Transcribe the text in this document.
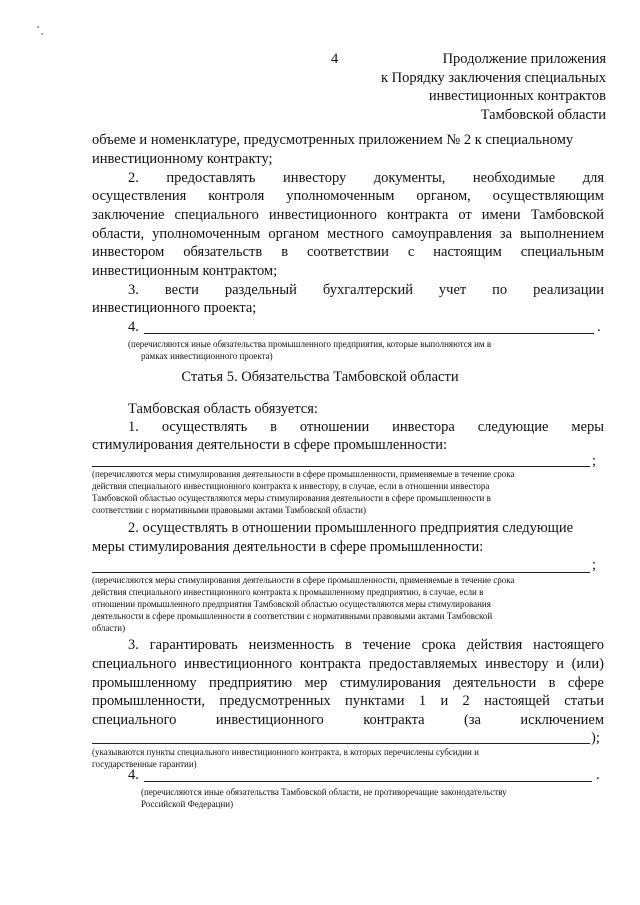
4	Продолжение приложения
к Порядку заключения специальных
инвестиционных контрактов
Тамбовской области
объеме и номенклатуре, предусмотренных приложением № 2 к специальному
инвестиционному контракту;
2. предоставлять инвестору документы, необходимые для
осуществления контроля уполномоченным органом, осуществляющим
заключение специального инвестиционного контракта от имени Тамбовской
области, уполномоченным органом местного самоуправления за выполнением
инвестором обязательств в соответствии с настоящим специальным
инвестиционным контрактом;
3. вести раздельный бухгалтерский учет по реализации
инвестиционного проекта;
4.	.
(перечисляются иные обязательства промышленного предприятия, которые выполняются им в
рамках инвестиционного проекта)
Статья 5. Обязательства Тамбовской области
Тамбовская область обязуется:
1. осуществлять в отношении инвестора следующие меры
стимулирования деятельности в сфере промышленности:
;
(перечисляются меры стимулирования деятельности в сфере промышленности, применяемые в течение срока
действия специального инвестиционного контракта к инвестору, в случае, если в отношении инвестора
Тамбовской областью осуществляются меры стимулирования деятельности в сфере промышленности в
соответствии с нормативными правовыми актами Тамбовской области)
2. осуществлять в отношении промышленного предприятия следующие
меры стимулирования деятельности в сфере промышленности:
;
(перечисляются меры стимулирования деятельности в сфере промышленности, применяемые в течение срока
действия специального инвестиционного контракта к промышленному предприятию, в случае, если в
отношении промышленного предприятия Тамбовской областью осуществляются меры стимулирования
деятельности в сфере промышленности в соответствии с нормативными правовыми актами Тамбовской
области)
3. гарантировать неизменность в течение срока действия настоящего
специального инвестиционного контракта предоставляемых инвестору и (или)
промышленному предприятию мер стимулирования деятельности в сфере
промышленности, предусмотренных пунктами 1 и 2 настоящей статьи
специального инвестиционного контракта (за исключением
);
(указываются пункты специального инвестиционного контракта, в которых перечислены субсидии и
государственные гарантии)
4.	.
(перечисляются иные обязательства Тамбовской области, не противоречащие законодательству
Российской Федерации)
